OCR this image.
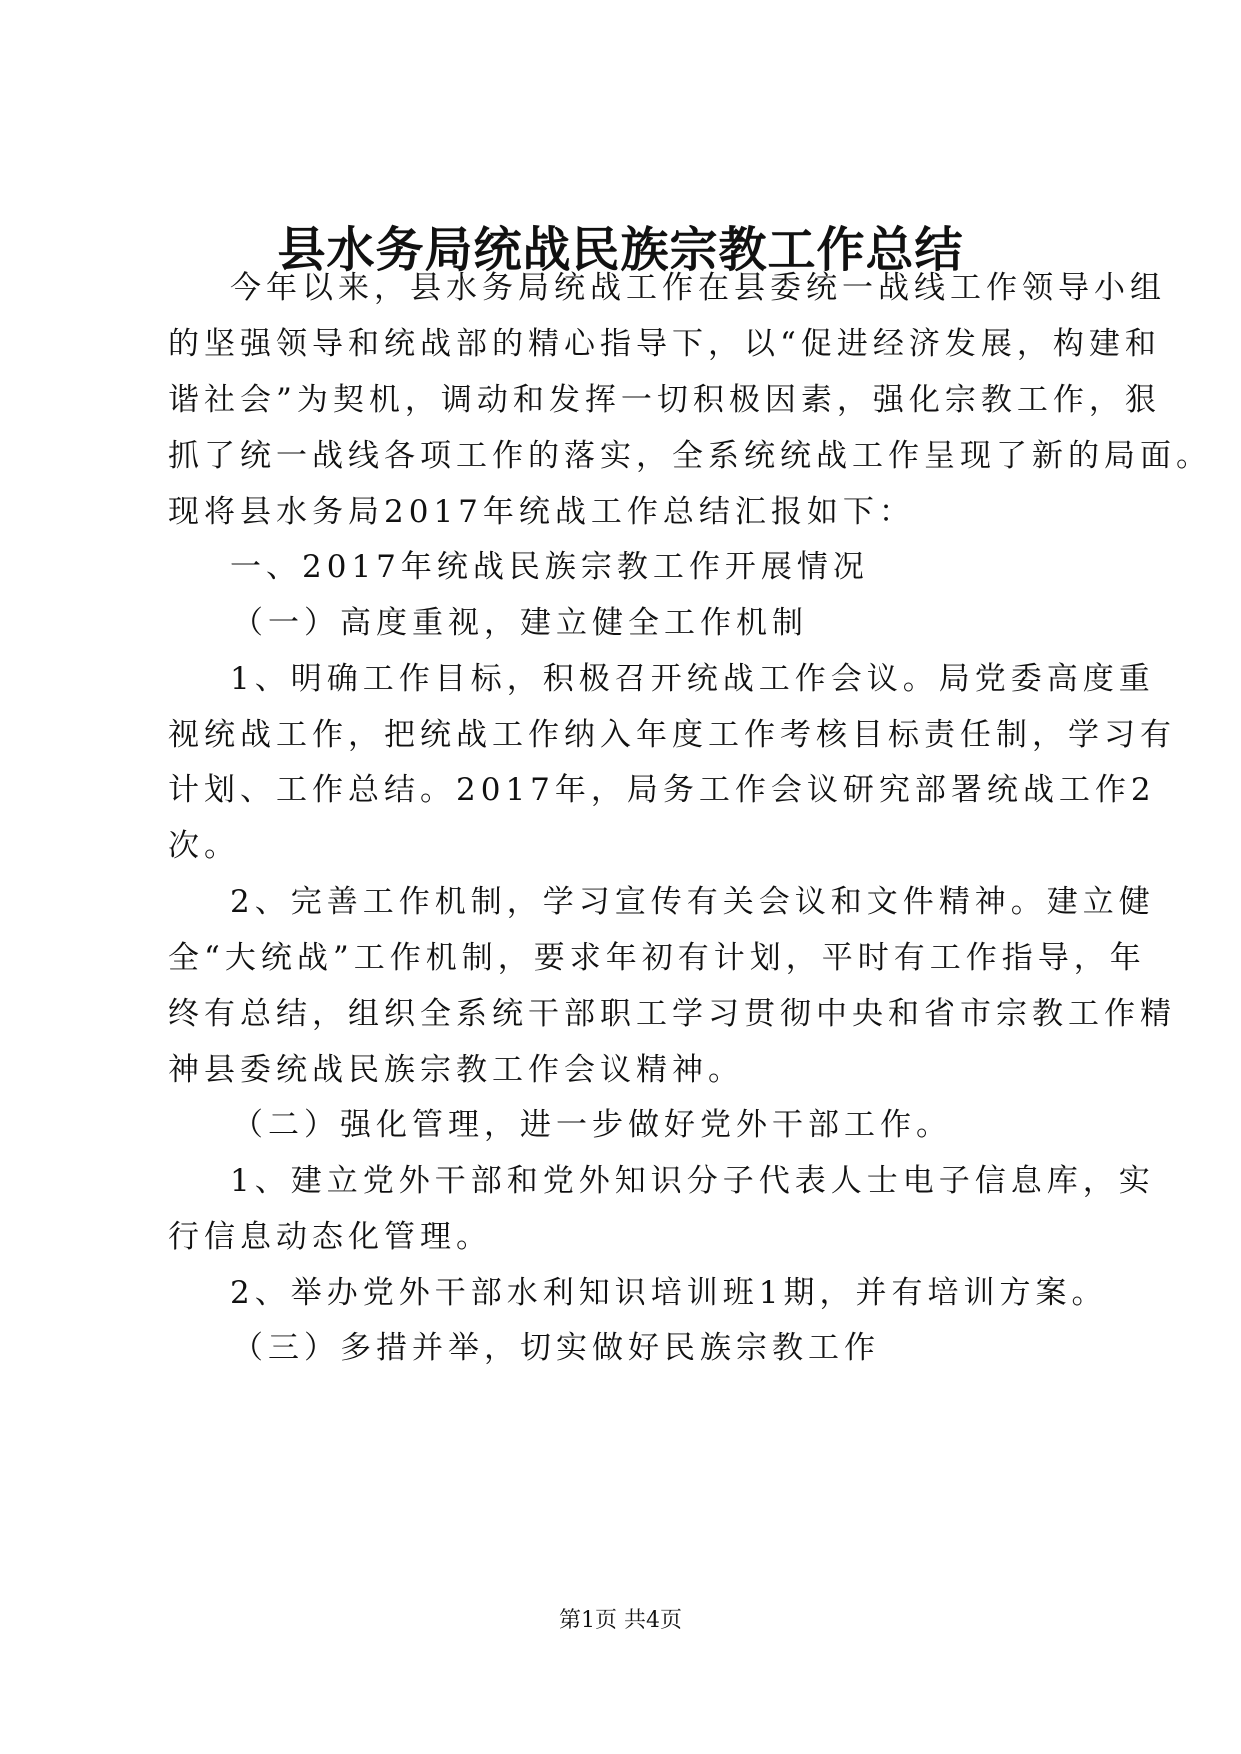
县水务局统战民族宗教工作总结

今年以来，县水务局统战工作在县委统一战线工作领导小组

的坚强领导和统战部的精心指导下，以“促进经济发展，构建和

谐社会”为契机，调动和发挥一切积极因素，强化宗教工作，狠

抓了统一战线各项工作的落实，全系统统战工作呈现了新的局面。

现将县水务局2017年统战工作总结汇报如下：

一、2017年统战民族宗教工作开展情况

（一）高度重视，建立健全工作机制

1、明确工作目标，积极召开统战工作会议。局党委高度重

视统战工作，把统战工作纳入年度工作考核目标责任制，学习有

计划、工作总结。2017年，局务工作会议研究部署统战工作2

次。

2、完善工作机制，学习宣传有关会议和文件精神。建立健

全“大统战”工作机制，要求年初有计划，平时有工作指导，年

终有总结，组织全系统干部职工学习贯彻中央和省市宗教工作精

神县委统战民族宗教工作会议精神。

（二）强化管理，进一步做好党外干部工作。

1、建立党外干部和党外知识分子代表人士电子信息库，实

行信息动态化管理。

2、举办党外干部水利知识培训班1期，并有培训方案。

（三）多措并举，切实做好民族宗教工作

第1页 共4页
